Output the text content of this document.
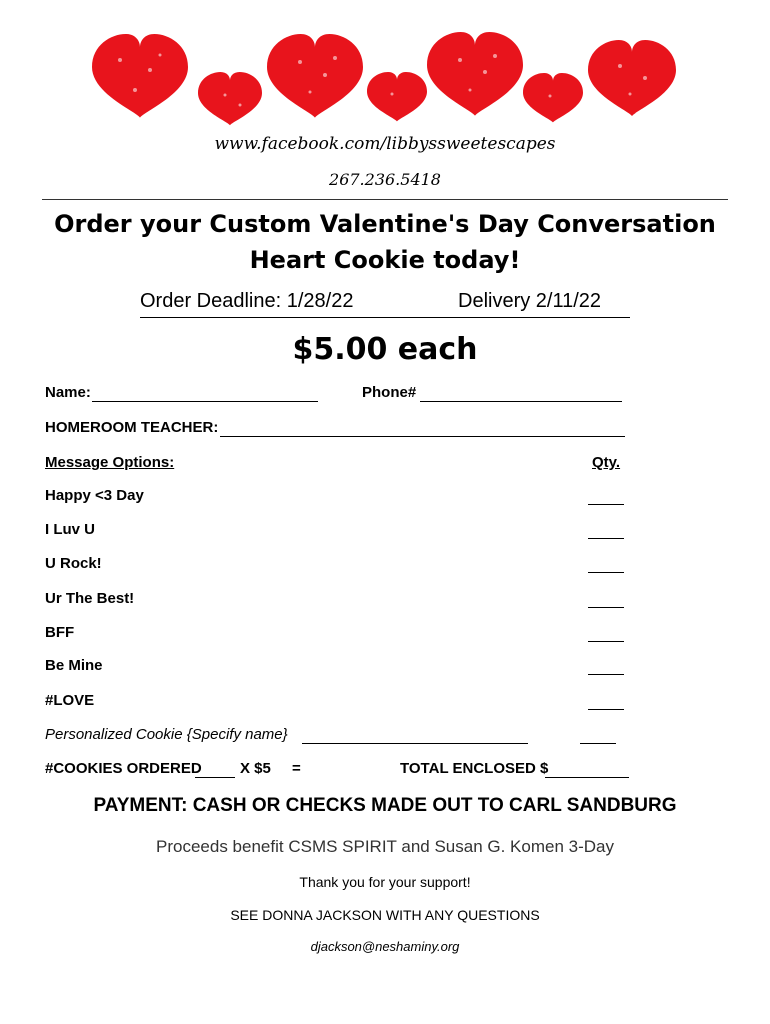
www.facebook.com/libbyssweetescapes
267.236.5418
Order your Custom Valentine's Day Conversation
Heart Cookie today!
Order Deadline: 1/28/22	Delivery 2/11/22
$5.00 each
Name:	Phone#
HOMEROOM TEACHER:
Message Options:	Qty.
Happy <3 Day
I Luv U
U Rock!
Ur The Best!
BFF
Be Mine
#LOVE
Personalized Cookie {Specify name}
#COOKIES ORDERED	X $5 =	TOTAL ENCLOSED $
PAYMENT: CASH OR CHECKS MADE OUT TO CARL SANDBURG
Proceeds benefit CSMS SPIRIT and Susan G. Komen 3-Day
Thank you for your support!
SEE DONNA JACKSON WITH ANY QUESTIONS
djackson@neshaminy.org
